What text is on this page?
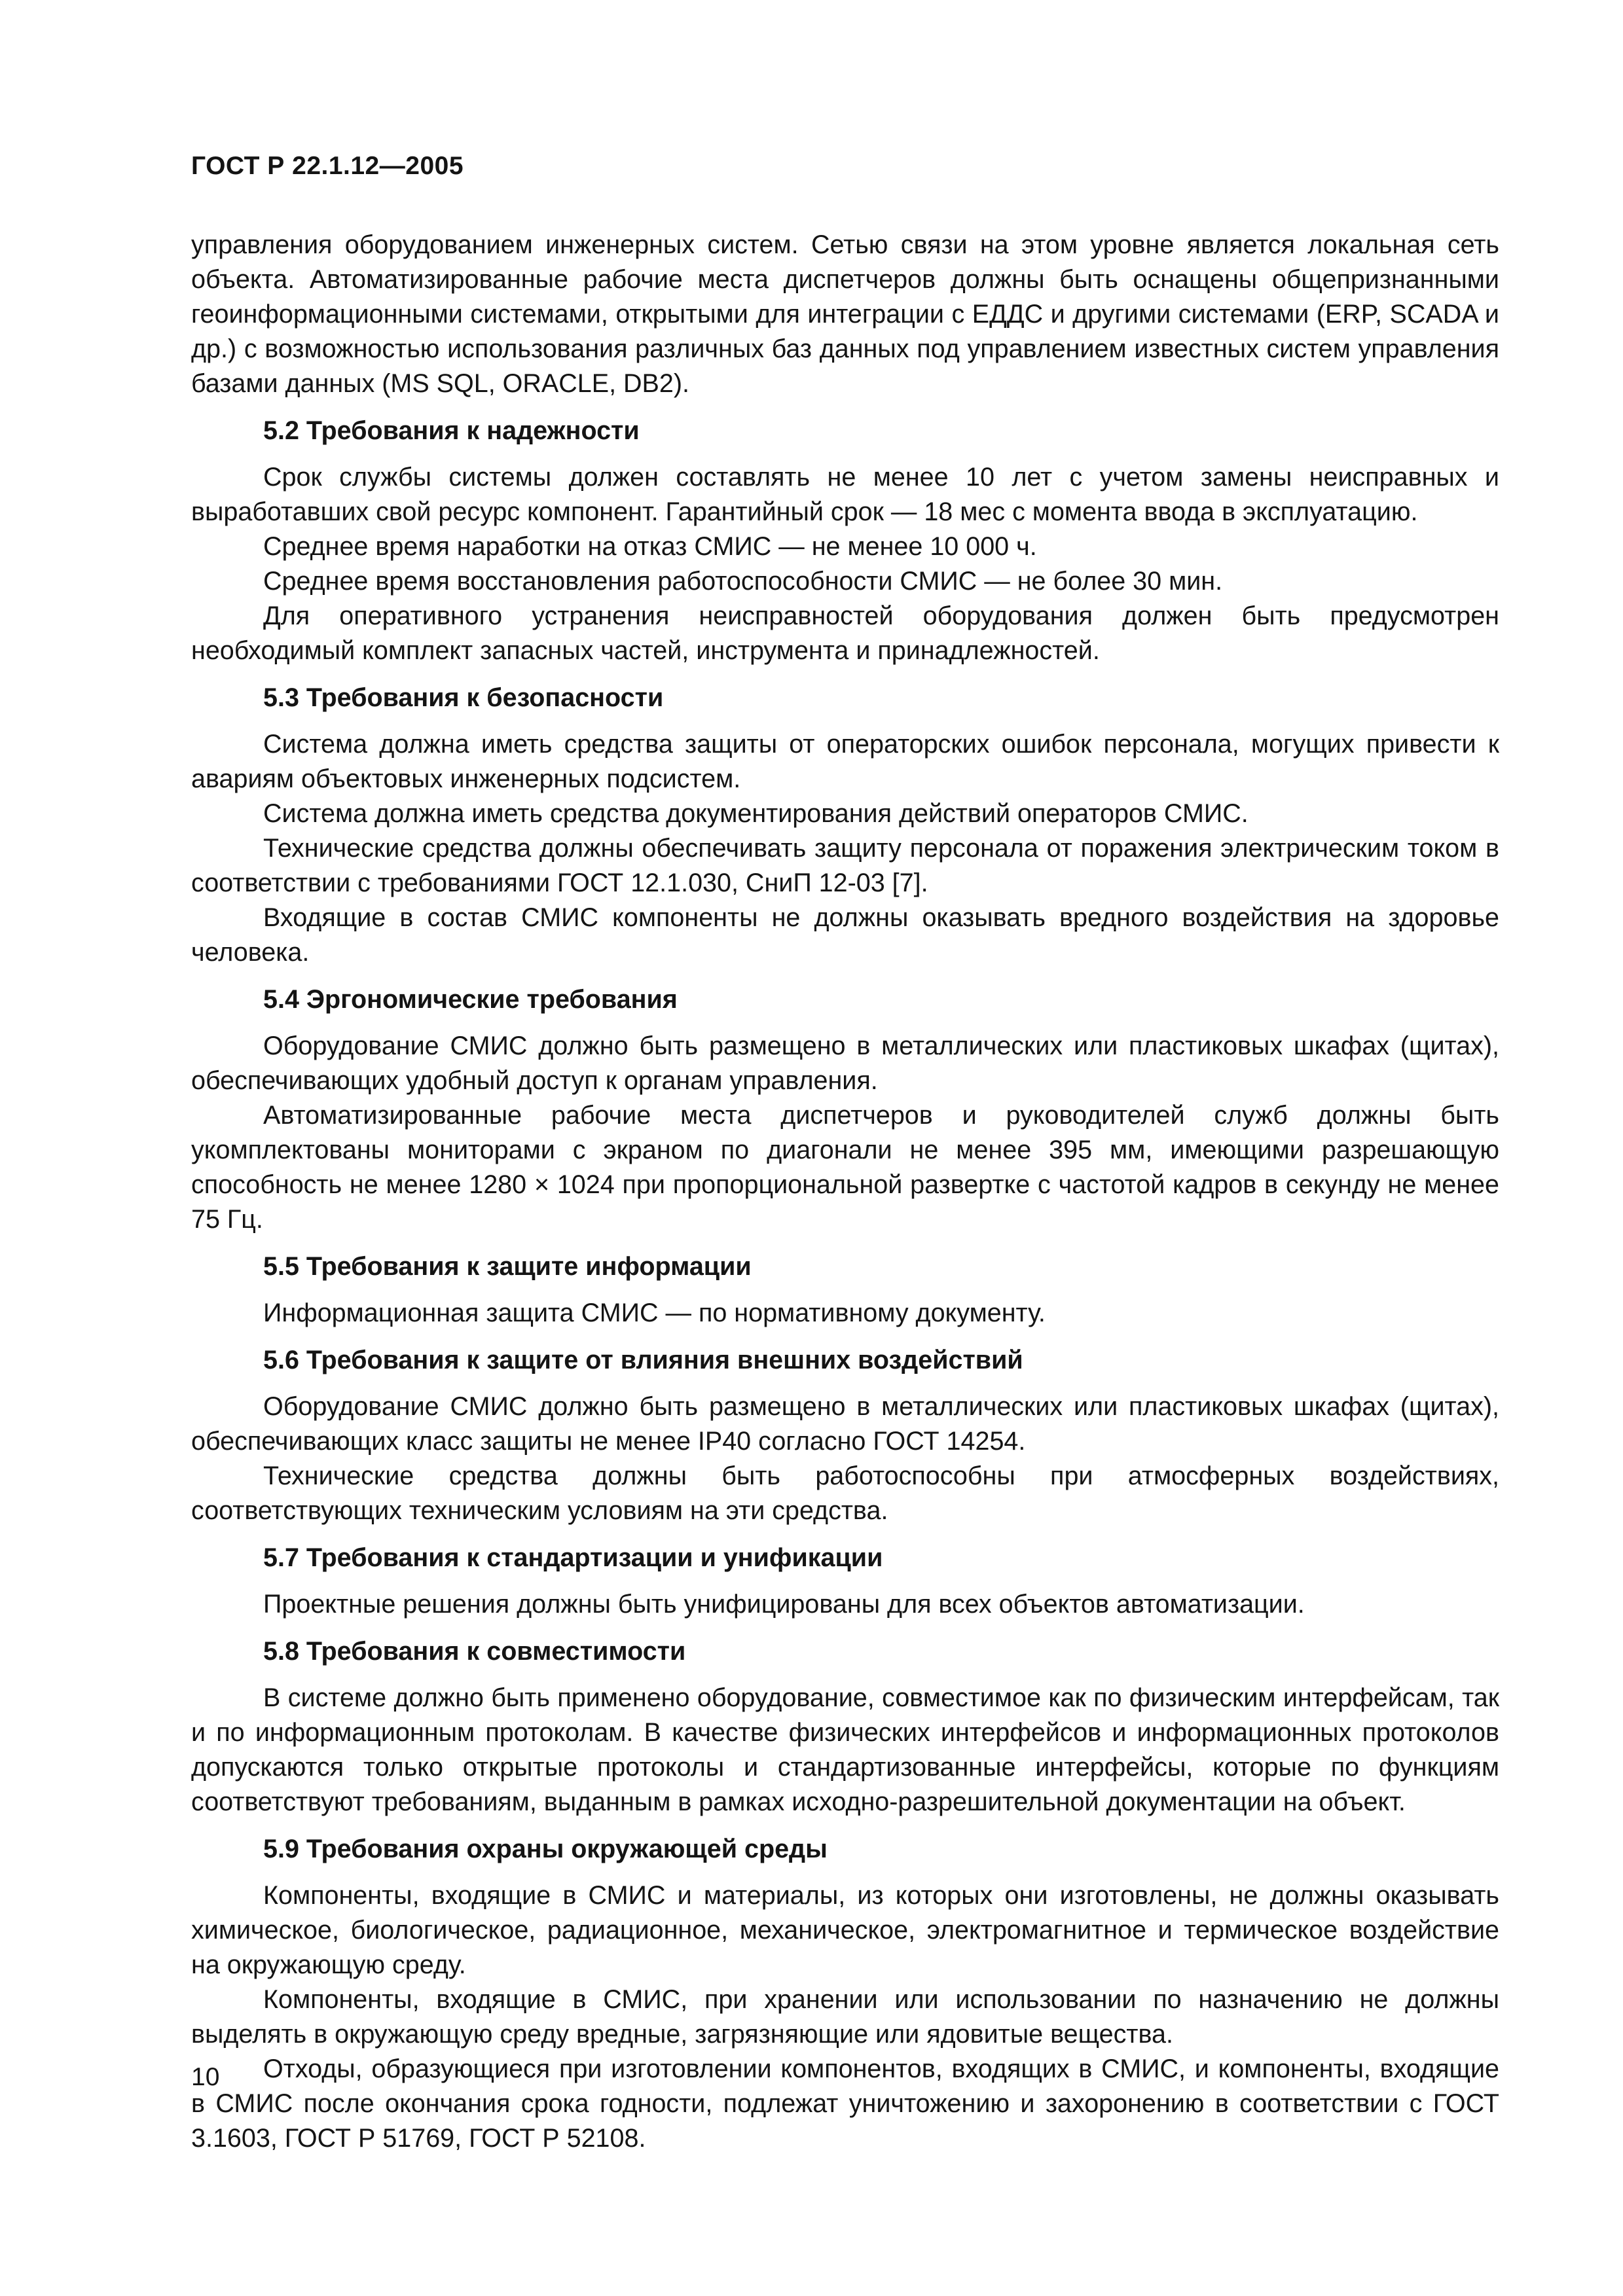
ГОСТ Р 22.1.12—2005

управления оборудованием инженерных систем. Сетью связи на этом уровне является локальная сеть объекта. Автоматизированные рабочие места диспетчеров должны быть оснащены общепризнанными геоинформационными системами, открытыми для интеграции с ЕДДС и другими системами (ERP, SCADA и др.) с возможностью использования различных баз данных под управлением известных систем управления базами данных (MS SQL, ORACLE, DB2).

5.2 Требования к надежности

Срок службы системы должен составлять не менее 10 лет с учетом замены неисправных и выработавших свой ресурс компонент. Гарантийный срок — 18 мес с момента ввода в эксплуатацию.

Среднее время наработки на отказ СМИС — не менее 10 000 ч.

Среднее время восстановления работоспособности СМИС — не более 30 мин.

Для оперативного устранения неисправностей оборудования должен быть предусмотрен необходимый комплект запасных частей, инструмента и принадлежностей.

5.3 Требования к безопасности

Система должна иметь средства защиты от операторских ошибок персонала, могущих привести к авариям объектовых инженерных подсистем.

Система должна иметь средства документирования действий операторов СМИС.

Технические средства должны обеспечивать защиту персонала от поражения электрическим током в соответствии с требованиями ГОСТ 12.1.030, СниП 12-03 [7].

Входящие в состав СМИС компоненты не должны оказывать вредного воздействия на здоровье человека.

5.4 Эргономические требования

Оборудование СМИС должно быть размещено в металлических или пластиковых шкафах (щитах), обеспечивающих удобный доступ к органам управления.

Автоматизированные рабочие места диспетчеров и руководителей служб должны быть укомплектованы мониторами с экраном по диагонали не менее 395 мм, имеющими разрешающую способность не менее 1280 × 1024 при пропорциональной развертке с частотой кадров в секунду не менее 75 Гц.

5.5 Требования к защите информации

Информационная защита СМИС — по нормативному документу.

5.6 Требования к защите от влияния внешних воздействий

Оборудование СМИС должно быть размещено в металлических или пластиковых шкафах (щитах), обеспечивающих класс защиты не менее IP40 согласно ГОСТ 14254.

Технические средства должны быть работоспособны при атмосферных воздействиях, соответствующих техническим условиям на эти средства.

5.7 Требования к стандартизации и унификации

Проектные решения должны быть унифицированы для всех объектов автоматизации.

5.8 Требования к совместимости

В системе должно быть применено оборудование, совместимое как по физическим интерфейсам, так и по информационным протоколам. В качестве физических интерфейсов и информационных протоколов допускаются только открытые протоколы и стандартизованные интерфейсы, которые по функциям соответствуют требованиям, выданным в рамках исходно-разрешительной документации на объект.

5.9 Требования охраны окружающей среды

Компоненты, входящие в СМИС и материалы, из которых они изготовлены, не должны оказывать химическое, биологическое, радиационное, механическое, электромагнитное и термическое воздействие на окружающую среду.

Компоненты, входящие в СМИС, при хранении или использовании по назначению не должны выделять в окружающую среду вредные, загрязняющие или ядовитые вещества.

Отходы, образующиеся при изготовлении компонентов, входящих в СМИС, и компоненты, входящие в СМИС после окончания срока годности, подлежат уничтожению и захоронению в соответствии с ГОСТ 3.1603, ГОСТ Р 51769, ГОСТ Р 52108.

10
